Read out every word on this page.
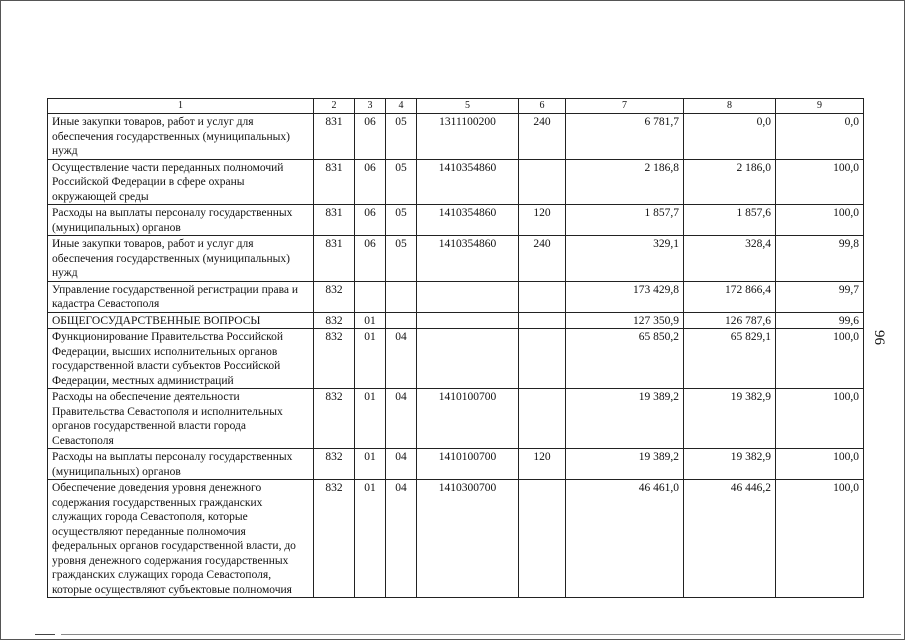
1	2	3	4	5	6	7	8	9
Иные закупки товаров, работ и услуг для обеспечения государственных (муниципальных) нужд	831	06	05	1311100200	240	6 781,7	0,0	0,0
Осуществление части переданных полномочий Российской Федерации в сфере охраны окружающей среды	831	06	05	1410354860		2 186,8	2 186,0	100,0
Расходы на выплаты персоналу государственных (муниципальных) органов	831	06	05	1410354860	120	1 857,7	1 857,6	100,0
Иные закупки товаров, работ и услуг для обеспечения государственных (муниципальных) нужд	831	06	05	1410354860	240	329,1	328,4	99,8
Управление государственной регистрации права и кадастра Севастополя	832					173 429,8	172 866,4	99,7
ОБЩЕГОСУДАРСТВЕННЫЕ ВОПРОСЫ	832	01				127 350,9	126 787,6	99,6
Функционирование Правительства Российской Федерации, высших исполнительных органов государственной власти субъектов Российской Федерации, местных администраций	832	01	04			65 850,2	65 829,1	100,0
Расходы на обеспечение деятельности Правительства Севастополя и исполнительных органов государственной власти города Севастополя	832	01	04	1410100700		19 389,2	19 382,9	100,0
Расходы на выплаты персоналу государственных (муниципальных) органов	832	01	04	1410100700	120	19 389,2	19 382,9	100,0
Обеспечение доведения уровня денежного содержания государственных гражданских служащих города Севастополя, которые осуществляют переданные полномочия федеральных органов государственной власти, до уровня денежного содержания государственных гражданских служащих города Севастополя, которые осуществляют субъектовые полномочия	832	01	04	1410300700		46 461,0	46 446,2	100,0
96
